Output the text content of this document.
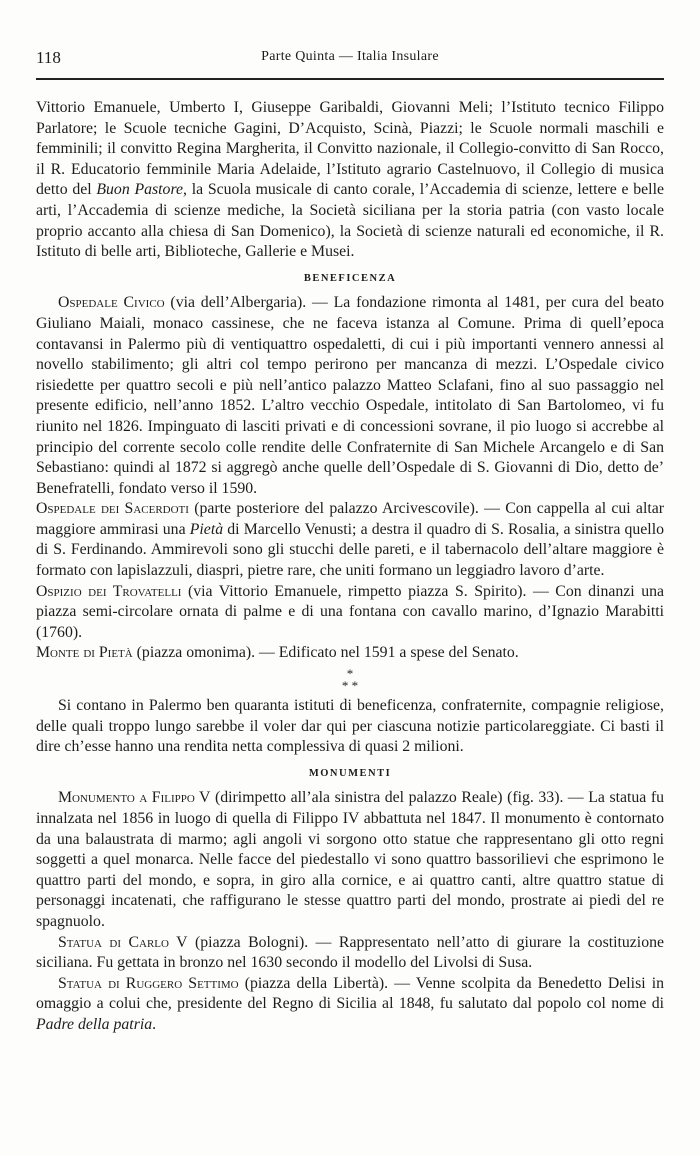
118	Parte Quinta — Italia Insulare

Vittorio Emanuele, Umberto I, Giuseppe Garibaldi, Giovanni Meli; l’Istituto tecnico Filippo Parlatore; le Scuole tecniche Gagini, D’Acquisto, Scinà, Piazzi; le Scuole normali maschili e femminili; il convitto Regina Margherita, il Convitto nazionale, il Collegio-convitto di San Rocco, il R. Educatorio femminile Maria Adelaide, l’Istituto agrario Castelnuovo, il Collegio di musica detto del Buon Pastore, la Scuola musicale di canto corale, l’Accademia di scienze, lettere e belle arti, l’Accademia di scienze mediche, la Società siciliana per la storia patria (con vasto locale proprio accanto alla chiesa di San Domenico), la Società di scienze naturali ed economiche, il R. Istituto di belle arti, Biblioteche, Gallerie e Musei.

BENEFICENZA

Ospedale Civico (via dell’Albergaria). — La fondazione rimonta al 1481, per cura del beato Giuliano Maiali, monaco cassinese, che ne faceva istanza al Comune. Prima di quell’epoca contavansi in Palermo più di ventiquattro ospedaletti, di cui i più importanti vennero annessi al novello stabilimento; gli altri col tempo perirono per mancanza di mezzi. L’Ospedale civico risiedette per quattro secoli e più nell’antico palazzo Matteo Sclafani, fino al suo passaggio nel presente edificio, nell’anno 1852. L’altro vecchio Ospedale, intitolato di San Bartolomeo, vi fu riunito nel 1826. Impinguato di lasciti privati e di concessioni sovrane, il pio luogo si accrebbe al principio del corrente secolo colle rendite delle Confraternite di San Michele Arcangelo e di San Sebastiano: quindi al 1872 si aggregò anche quelle dell’Ospedale di S. Giovanni di Dio, detto de’ Benefratelli, fondato verso il 1590.

Ospedale dei Sacerdoti (parte posteriore del palazzo Arcivescovile). — Con cappella al cui altar maggiore ammirasi una Pietà di Marcello Venusti; a destra il quadro di S. Rosalia, a sinistra quello di S. Ferdinando. Ammirevoli sono gli stucchi delle pareti, e il tabernacolo dell’altare maggiore è formato con lapislazzuli, diaspri, pietre rare, che uniti formano un leggiadro lavoro d’arte.

Ospizio dei Trovatelli (via Vittorio Emanuele, rimpetto piazza S. Spirito). — Con dinanzi una piazza semi-circolare ornata di palme e di una fontana con cavallo marino, d’Ignazio Marabitti (1760).

Monte di Pietà (piazza omonima). — Edificato nel 1591 a spese del Senato.

*
* *

Si contano in Palermo ben quaranta istituti di beneficenza, confraternite, compagnie religiose, delle quali troppo lungo sarebbe il voler dar qui per ciascuna notizie particolareggiate. Ci basti il dire ch’esse hanno una rendita netta complessiva di quasi 2 milioni.

MONUMENTI

Monumento a Filippo V (dirimpetto all’ala sinistra del palazzo Reale) (fig. 33). — La statua fu innalzata nel 1856 in luogo di quella di Filippo IV abbattuta nel 1847. Il monumento è contornato da una balaustrata di marmo; agli angoli vi sorgono otto statue che rappresentano gli otto regni soggetti a quel monarca. Nelle facce del piedestallo vi sono quattro bassorilievi che esprimono le quattro parti del mondo, e sopra, in giro alla cornice, e ai quattro canti, altre quattro statue di personaggi incatenati, che raffigurano le stesse quattro parti del mondo, prostrate ai piedi del re spagnuolo.

Statua di Carlo V (piazza Bologni). — Rappresentato nell’atto di giurare la costituzione siciliana. Fu gettata in bronzo nel 1630 secondo il modello del Livolsi di Susa.

Statua di Ruggero Settimo (piazza della Libertà). — Venne scolpita da Benedetto Delisi in omaggio a colui che, presidente del Regno di Sicilia al 1848, fu salutato dal popolo col nome di Padre della patria.
